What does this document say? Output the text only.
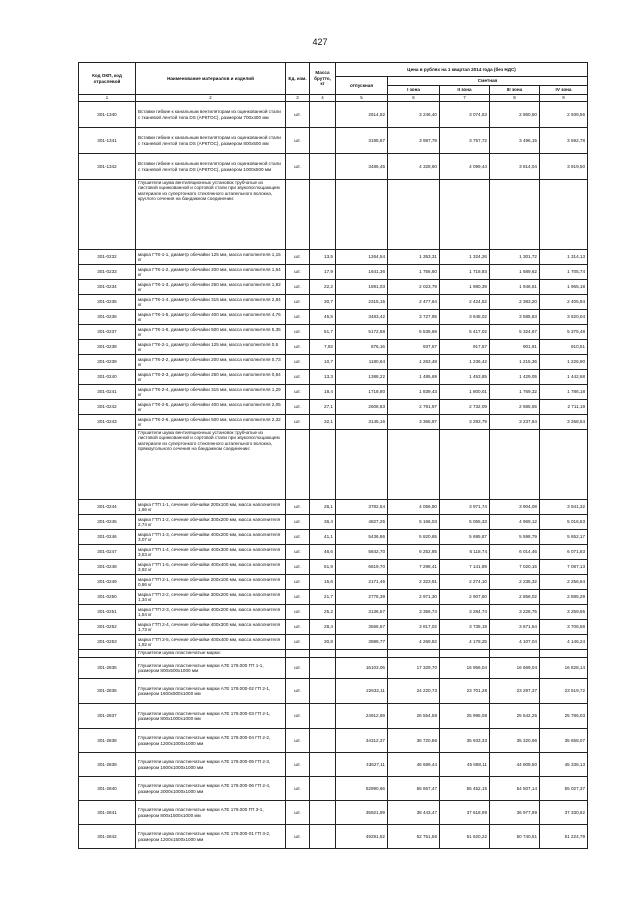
427
Код ОКП, код отраслевой	Наименование материалов и изделий	Ед. изм.	Масса брутто, кг	Цена в рублях на 1 квартал 2014 года (без НДС)				
				отпускная	Сметная			
					I зона	II зона	III зона	IV зона
1	2	3	4	5	6	7	8	9
301-1340	Вставки гибкие к канальным вентиляторам из оцинкованной стали с тканевой лентой типа DS (АРКТОС), размером 700х400 мм	шт.		2614,82	3 246,40	3 074,53	2 860,50	2 939,56
301-1341	Вставки гибкие к канальным вентиляторам из оцинкованной стали с тканевой лентой типа DS (АРКТОС), размером 800х500 мм	шт.		3195,87	3 987,79	3 757,72	3 496,15	3 592,78
301-1342	Вставки гибкие к канальным вентиляторам из оцинкованной стали с тканевой лентой типа DS (АРКТОС), размером 1000х500 мм	шт.		3486,45	4 328,60	4 099,44	3 814,04	3 919,50
	Глушители шума вентиляционных установок трубчатые из листовой оцинкованной и сортовой стали при звукопоглощающем материале из супертонкого стеклянного штапельного волокна, круглого сечения на бандажном соединении:							
301-0232	марка ГТК-1-1, диаметр обечайки 125 мм, масса наполнителя 1,15 кг	шт.	13,5	1264,54	1 353,31	1 324,26	1 301,72	1 314,13
301-0233	марка ГТК-1-2, диаметр обечайки 200 мм, масса наполнителя 1,64 кг	шт.	17,9	1641,36	1 756,60	1 718,93	1 689,62	1 705,74
301-0234	марка ГТК-1-3, диаметр обечайки 250 мм, масса наполнителя 1,92 кг	шт.	22,2	1891,03	2 023,79	1 980,39	1 946,61	1 965,18
301-0235	марка ГТК-1-4, диаметр обечайки 315 мм, масса наполнителя 2,84 кг	шт.	30,7	2315,15	2 477,64	2 424,52	2 383,20	2 405,94
301-0236	марка ГТК-1-5, диаметр обечайки 400 мм, масса наполнителя 4,76 кг	шт.	45,5	3483,42	3 727,95	3 648,02	3 585,83	3 620,04
301-0237	марка ГТК-1-6, диаметр обечайки 500 мм, масса наполнителя 5,35 кг	шт.	51,7	5172,58	5 535,69	5 417,02	5 324,67	5 375,48
301-0238	марка ГТК-2-1, диаметр обечайки 125 мм, масса наполнителя 0,5 кг	шт.	7,92	876,16	937,67	917,57	901,91	910,51
301-0239	марка ГТК-2-2, диаметр обечайки 200 мм, масса наполнителя 0,73 кг	шт.	10,7	1180,64	1 263,48	1 236,42	1 215,36	1 226,90
301-0240	марка ГТК-2-3, диаметр обечайки 250 мм, масса наполнителя 0,84 кг	шт.	13,3	1388,22	1 485,69	1 453,85	1 429,05	1 442,68
301-0241	марка ГТК-2-4, диаметр обечайки 315 мм, масса наполнителя 1,29 кг	шт.	18,4	1718,80	1 839,43	1 800,01	1 769,32	1 786,18
301-0242	марка ГТК-2-5, диаметр обечайки 400 мм, масса наполнителя 2,05 кг	шт.	27,1	2608,83	2 791,97	2 732,09	2 685,55	2 711,19
301-0243	марка ГТК-2-6, диаметр обечайки 500 мм, масса наполнителя 2,32 кг	шт.	32,1	3145,16	3 365,97	3 293,79	3 237,64	3 268,54
	Глушители шума вентиляционных установок трубчатые из листовой оцинкованной и сортовой стали при звукопоглощающем материале из супертонкого стеклянного штапельного волокна, прямоугольного сечения на бандажном соединении:							
301-0244	марка ГТП 1-1, сечение обечайки 200х100 мм, масса наполнителя 1,66 кг	шт.	26,1	3782,54	4 056,80	3 971,74	3 904,08	3 941,32
301-0245	марка ГТП 1-2, сечение обечайки 300х200 мм, масса наполнителя 2,74 кг	шт.	36,4	4827,25	5 166,03	5 055,33	4 969,12	5 016,53
301-0246	марка ГТП 1-3, сечение обечайки 400х200 мм, масса наполнителя 3,07 кг	шт.	41,1	5436,86	5 820,65	5 695,87	5 598,79	5 652,17
301-0247	марка ГТП 1-4, сечение обечайки 400х300 мм, масса наполнителя 3,53 кг	шт.	46,6	5842,70	6 252,85	6 118,74	6 014,46	6 071,83
301-0248	марка ГТП 1-5, сечение обечайки 400х400 мм, масса наполнителя 3,92 кг	шт.	51,9	6819,70	7 298,41	7 141,89	7 020,15	7 087,13
301-0249	марка ГТП 2-1, сечение обечайки 200х100 мм, масса наполнителя 0,86 кг	шт.	15,6	2171,46	2 323,91	2 274,10	2 235,32	2 256,64
301-0250	марка ГТП 2-2, сечение обечайки 300х200 мм, масса наполнителя 1,34 кг	шт.	21,7	2776,39	2 971,30	2 907,60	2 858,02	2 885,29
301-0251	марка ГТП 2-3, сечение обечайки 400х200 мм, масса наполнителя 1,54 кг	шт.	25,2	3136,57	3 356,74	3 284,74	3 228,75	3 259,55
301-0252	марка ГТП 2-4, сечение обечайки 400х300 мм, масса наполнителя 1,73 кг	шт.	28,4	3566,67	3 817,02	3 735,19	3 671,54	3 706,58
301-0253	марка ГТП 2-5, сечение обечайки 400х400 мм, масса наполнителя 1,92 кг	шт.	30,8	3989,77	4 269,82	4 178,25	4 107,04	4 146,24
	Глушители шума пластинчатые марки:							
301-2835	Глушители шума пластинчатые марки А7Е 178.000 ГП 1-1, размером 800х500х1000 мм	шт.		16103,06	17 329,70	16 956,04	16 669,04	16 828,14
301-2836	Глушители шума пластинчатые марки А7Е 178.000-02 ГП 2-1, размером 1600х500х1000 мм	шт.		22632,11	24 220,73	23 701,28	23 297,37	23 519,72
301-2837	Глушители шума пластинчатые марки А7Е 178.000-03 ГП 2-1, размером 800х1000х1000 мм	шт.		24912,69	26 554,59	25 995,08	25 542,25	25 786,03
301-2838	Глушители шума пластинчатые марки А7Е 178.000-04 ГП 2-2, размером 1200х1000х1000 мм	шт.		34312,37	36 720,86	35 933,33	35 320,96	35 658,07
301-2839	Глушители шума пластинчатые марки А7Е 178.000-05 ГП 2-3, размером 1600х1000х1000 мм	шт.		43627,11	46 689,44	45 688,11	44 909,50	45 338,13
301-2840	Глушители шума пластинчатые марки А7Е 178.000-06 ГП 2-4, размером 2000х1000х1000 мм	шт.		52990,66	56 667,47	55 452,15	54 507,14	55 027,37
301-2841	Глушители шума пластинчатые марки А7Е 179.000 ГП 3-1, размером 800х1500х1000 мм	шт.		35921,99	38 443,47	37 618,99	36 977,89	37 330,82
301-2842	Глушители шума пластинчатые марки А7Е 179.000-01 ГП 3-2, размером 1200х1500х1000 мм	шт.		49291,52	52 751,56	51 620,22	50 740,51	51 224,79
